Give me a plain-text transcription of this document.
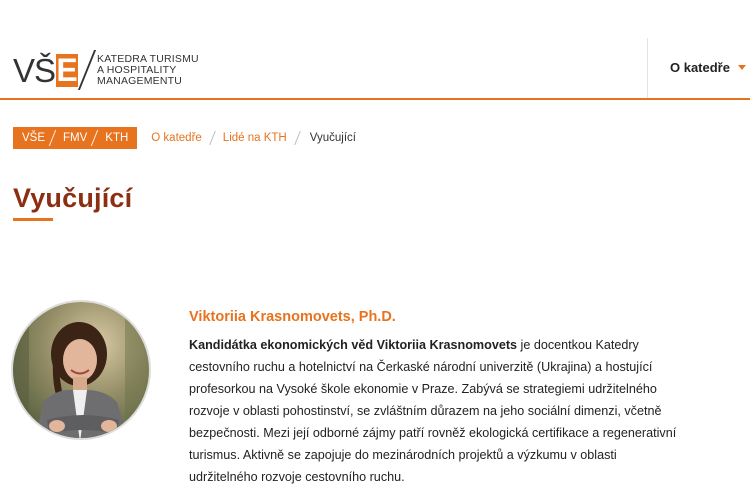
VŠ E KATEDRA TURISMU
A HOSPITALITY
MANAGEMENTU
O katedře
VŠE	FMV	KTH	O katedře Lidé na KTH Vyučující
Vyučující
Viktoriia Krasnomovets, Ph.D.

Kandidátka ekonomických věd Viktoriia Krasnomovets je docentkou Katedry cestovního ruchu a hotelnictví na Čerkaské národní univerzitě (Ukrajina) a hostující profesorkou na Vysoké škole ekonomie v Praze. Zabývá se strategiemi udržitelného rozvoje v oblasti pohostinství, se zvláštním důrazem na jeho sociální dimenzi, včetně bezpečnosti. Mezi její odborné zájmy patří rovněž ekologická certifikace a regenerativní turismus. Aktivně se zapojuje do mezinárodních projektů a výzkumu v oblasti udržitelného rozvoje cestovního ruchu.
